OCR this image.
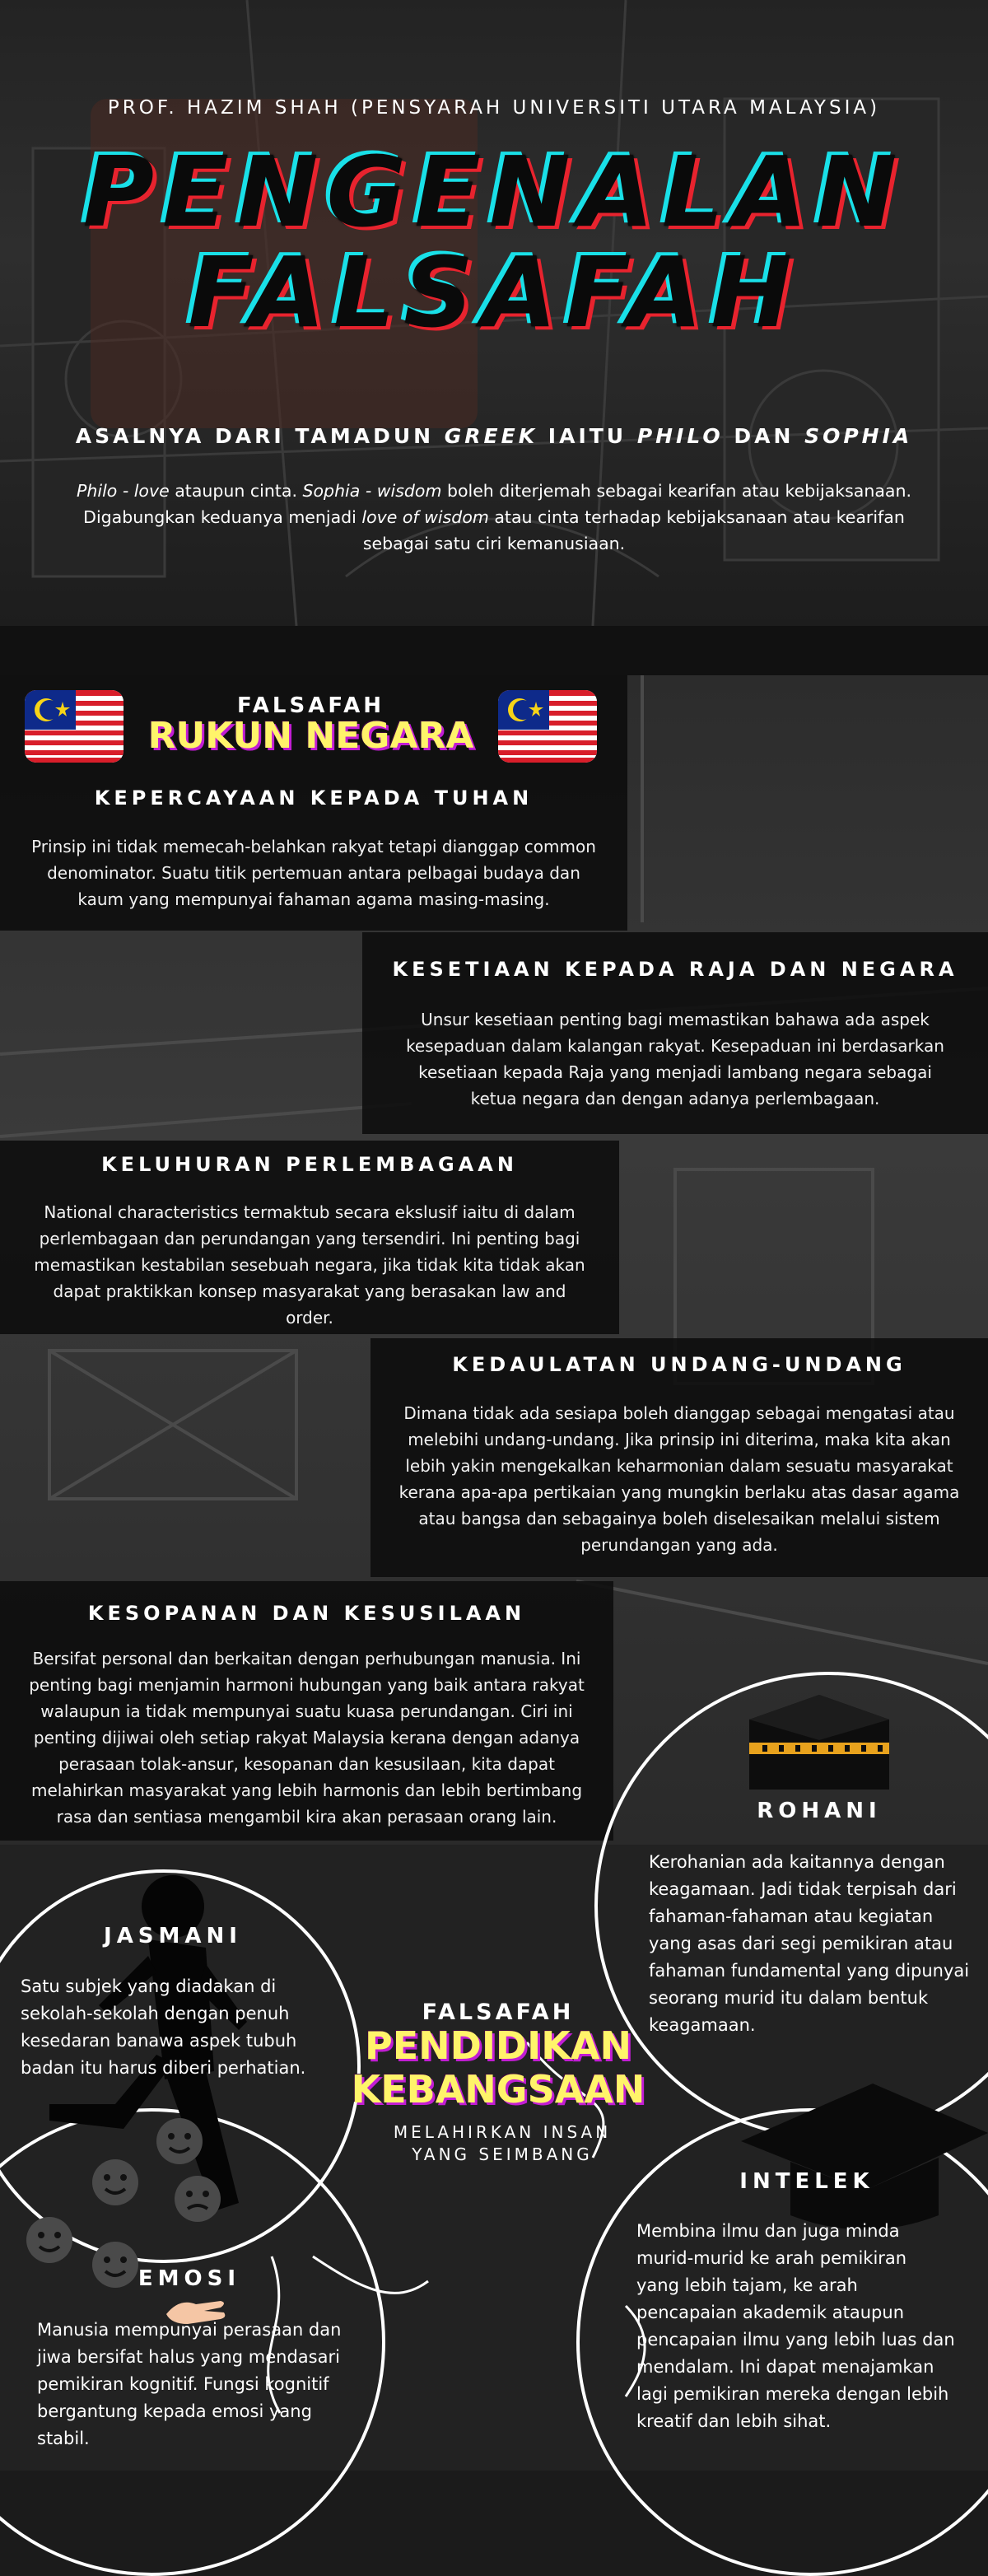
PROF. HAZIM SHAH (PENSYARAH UNIVERSITI UTARA MALAYSIA)
PENGENALAN
FALSAFAH
ASALNYA DARI TAMADUN GREEK IAITU PHILO DAN SOPHIA
Philo - love ataupun cinta. Sophia - wisdom boleh diterjemah sebagai kearifan atau kebijaksanaan.
Digabungkan keduanya menjadi love of wisdom atau cinta terhadap kebijaksanaan atau kearifan
sebagai satu ciri kemanusiaan.
FALSAFAH
RUKUN NEGARA
KEPERCAYAAN KEPADA TUHAN
Prinsip ini tidak memecah-belahkan rakyat tetapi dianggap common
denominator. Suatu titik pertemuan antara pelbagai budaya dan
kaum yang mempunyai fahaman agama masing-masing.
KESETIAAN KEPADA RAJA DAN NEGARA
Unsur kesetiaan penting bagi memastikan bahawa ada aspek
kesepaduan dalam kalangan rakyat. Kesepaduan ini berdasarkan
kesetiaan kepada Raja yang menjadi lambang negara sebagai
ketua negara dan dengan adanya perlembagaan.
KELUHURAN PERLEMBAGAAN
National characteristics termaktub secara ekslusif iaitu di dalam
perlembagaan dan perundangan yang tersendiri. Ini penting bagi
memastikan kestabilan sesebuah negara, jika tidak kita tidak akan
dapat praktikkan konsep masyarakat yang berasakan law and
order.
KEDAULATAN UNDANG-UNDANG
Dimana tidak ada sesiapa boleh dianggap sebagai mengatasi atau
melebihi undang-undang. Jika prinsip ini diterima, maka kita akan
lebih yakin mengekalkan keharmonian dalam sesuatu masyarakat
kerana apa-apa pertikaian yang mungkin berlaku atas dasar agama
atau bangsa dan sebagainya boleh diselesaikan melalui sistem
perundangan yang ada.
KESOPANAN DAN KESUSILAAN
Bersifat personal dan berkaitan dengan perhubungan manusia. Ini
penting bagi menjamin harmoni hubungan yang baik antara rakyat
walaupun ia tidak mempunyai suatu kuasa perundangan. Ciri ini
penting dijiwai oleh setiap rakyat Malaysia kerana dengan adanya
perasaan tolak-ansur, kesopanan dan kesusilaan, kita dapat
melahirkan masyarakat yang lebih harmonis dan lebih bertimbang
rasa dan sentiasa mengambil kira akan perasaan orang lain.	ROHANI
Kerohanian ada kaitannya dengan
keagamaan. Jadi tidak terpisah dari
fahaman-fahaman atau kegiatan
yang asas dari segi pemikiran atau
fahaman fundamental yang dipunyai
seorang murid itu dalam bentuk
keagamaan.
JASMANI
Satu subjek yang diadakan di
sekolah-sekolah dengan penuh
kesedaran banawa aspek tubuh
badan itu harus diberi perhatian.
FALSAFAH
PENDIDIKAN
KEBANGSAAN
MELAHIRKAN INSAN
YANG SEIMBANG
EMOSI
Manusia mempunyai perasaan dan
jiwa bersifat halus yang mendasari
pemikiran kognitif. Fungsi kognitif
bergantung kepada emosi yang
stabil.
INTELEK
Membina ilmu dan juga minda
murid-murid ke arah pemikiran
yang lebih tajam, ke arah
pencapaian akademik ataupun
pencapaian ilmu yang lebih luas dan
mendalam. Ini dapat menajamkan
lagi pemikiran mereka dengan lebih
kreatif dan lebih sihat.
